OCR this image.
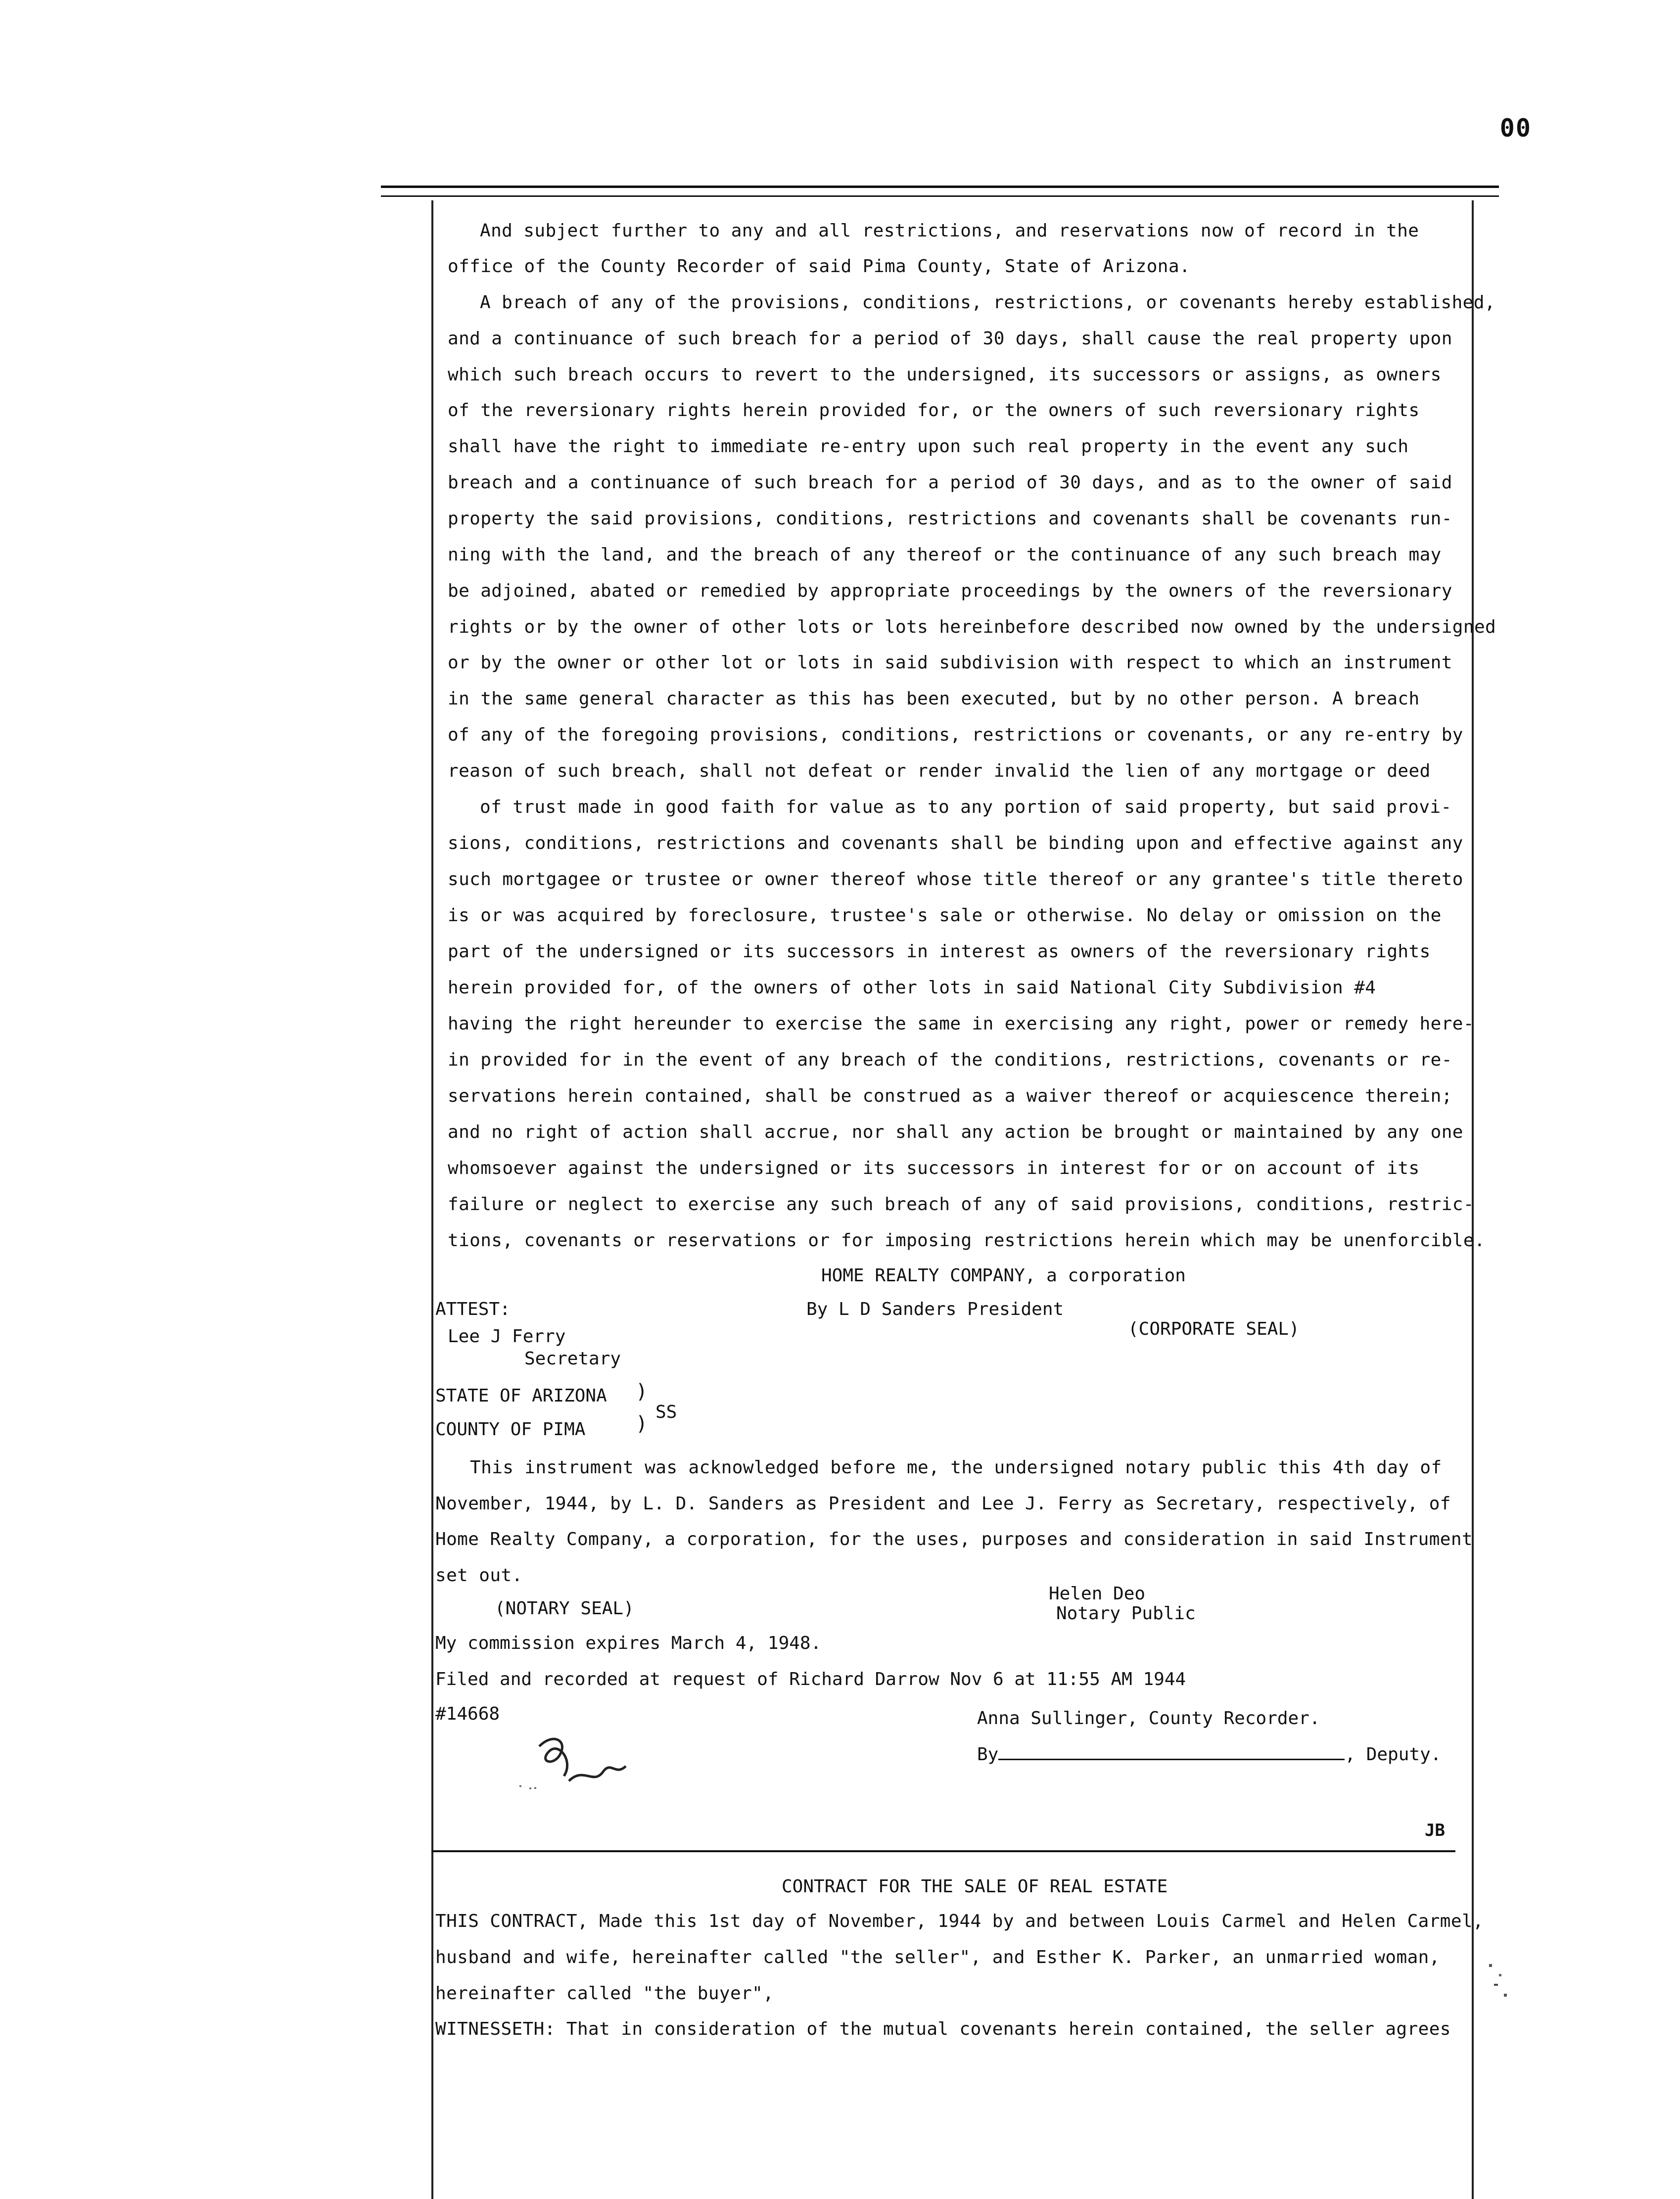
00
And subject further to any and all restrictions, and reservations now of record in the
office of the County Recorder of said Pima County, State of Arizona.
A breach of any of the provisions, conditions, restrictions, or covenants hereby established,
and a continuance of such breach for a period of 30 days, shall cause the real property upon
which such breach occurs to revert to the undersigned, its successors or assigns, as owners
of the reversionary rights herein provided for, or the owners of such reversionary rights
shall have the right to immediate re-entry upon such real property in the event any such
breach and a continuance of such breach for a period of 30 days, and as to the owner of said
property the said provisions, conditions, restrictions and covenants shall be covenants run-
ning with the land, and the breach of any thereof or the continuance of any such breach may
be adjoined, abated or remedied by appropriate proceedings by the owners of the reversionary
rights or by the owner of other lots or lots hereinbefore described now owned by the undersigned
or by the owner or other lot or lots in said subdivision with respect to which an instrument
in the same general character as this has been executed, but by no other person. A breach
of any of the foregoing provisions, conditions, restrictions or covenants, or any re-entry by
reason of such breach, shall not defeat or render invalid the lien of any mortgage or deed
of trust made in good faith for value as to any portion of said property, but said provi-
sions, conditions, restrictions and covenants shall be binding upon and effective against any
such mortgagee or trustee or owner thereof whose title thereof or any grantee's title thereto
is or was acquired by foreclosure, trustee's sale or otherwise. No delay or omission on the
part of the undersigned or its successors in interest as owners of the reversionary rights
herein provided for, of the owners of other lots in said National City Subdivision #4
having the right hereunder to exercise the same in exercising any right, power or remedy here-
in provided for in the event of any breach of the conditions, restrictions, covenants or re-
servations herein contained, shall be construed as a waiver thereof or acquiescence therein;
and no right of action shall accrue, nor shall any action be brought or maintained by any one
whomsoever against the undersigned or its successors in interest for or on account of its
failure or neglect to exercise any such breach of any of said provisions, conditions, restric-
tions, covenants or reservations or for imposing restrictions herein which may be unenforcible.
HOME REALTY COMPANY, a corporation
ATTEST:	By L D Sanders President
(CORPORATE SEAL)
Lee J Ferry
Secretary
STATE OF ARIZONA
COUNTY OF PIMA
)
)
SS
This instrument was acknowledged before me, the undersigned notary public this 4th day of
November, 1944, by L. D. Sanders as President and Lee J. Ferry as Secretary, respectively, of
Home Realty Company, a corporation, for the uses, purposes and consideration in said Instrument
set out.
(NOTARY SEAL)
Helen Deo
Notary Public
My commission expires March 4, 1948.
Filed and recorded at request of Richard Darrow Nov 6 at 11:55 AM 1944
#14668	Anna Sullinger, County Recorder.
By	, Deputy.
JB
CONTRACT FOR THE SALE OF REAL ESTATE
THIS CONTRACT, Made this 1st day of November, 1944 by and between Louis Carmel and Helen Carmel,
husband and wife, hereinafter called "the seller", and Esther K. Parker, an unmarried woman,
hereinafter called "the buyer",
WITNESSETH: That in consideration of the mutual covenants herein contained, the seller agrees
